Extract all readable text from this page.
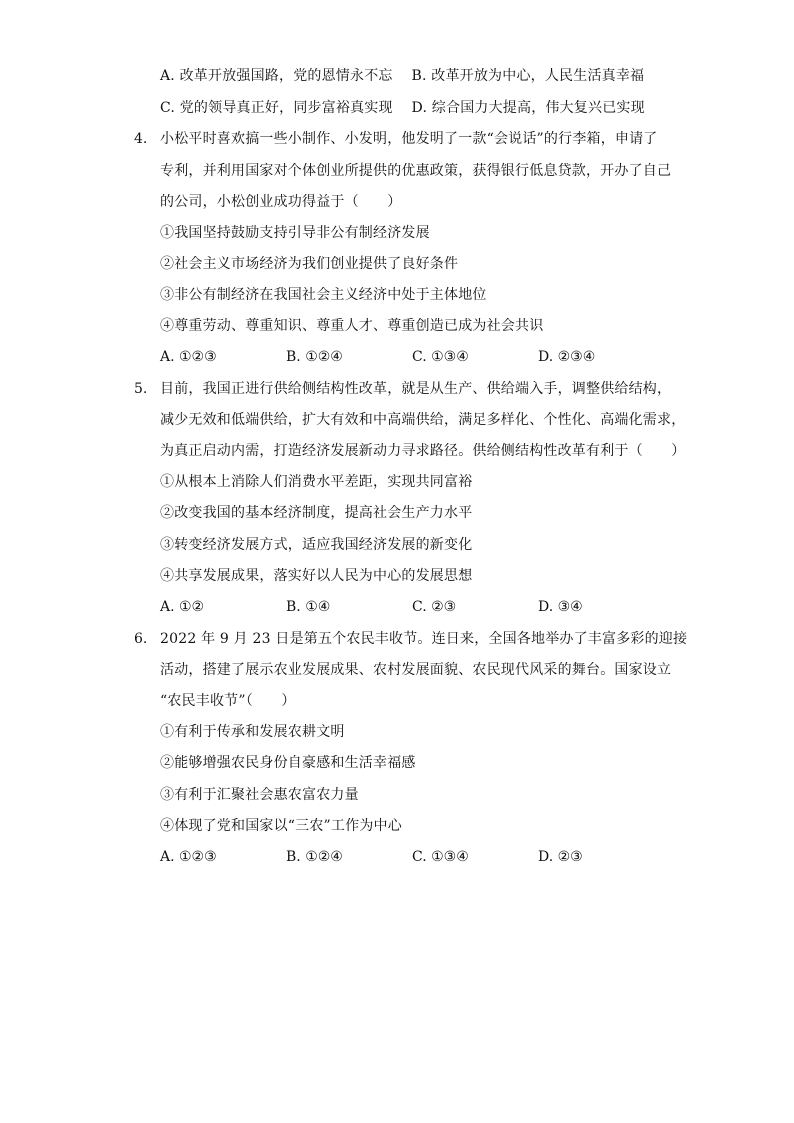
A. 改革开放强国路，党的恩情永不忘　 B. 改革开放为中心，人民生活真幸福
C. 党的领导真正好，同步富裕真实现　 D. 综合国力大提高，伟大复兴已实现
4. 小松平时喜欢搞一些小制作、小发明，他发明了一款“会说话”的行李箱，申请了
专利，并利用国家对个体创业所提供的优惠政策，获得银行低息贷款，开办了自己
的公司，小松创业成功得益于（　　）
①我国坚持鼓励支持引导非公有制经济发展
②社会主义市场经济为我们创业提供了良好条件
③非公有制经济在我国社会主义经济中处于主体地位
④尊重劳动、尊重知识、尊重人才、尊重创造已成为社会共识
A. ①②③	B. ①②④	C. ①③④	D. ②③④
5. 目前，我国正进行供给侧结构性改革，就是从生产、供给端入手，调整供给结构，
减少无效和低端供给，扩大有效和中高端供给，满足多样化、个性化、高端化需求，
为真正启动内需，打造经济发展新动力寻求路径。供给侧结构性改革有利于（　　）
①从根本上消除人们消费水平差距，实现共同富裕
②改变我国的基本经济制度，提高社会生产力水平
③转变经济发展方式，适应我国经济发展的新变化
④共享发展成果，落实好以人民为中心的发展思想
A. ①②	B. ①④	C. ②③	D. ③④
6. 2022 年 9 月 23 日是第五个农民丰收节。连日来，全国各地举办了丰富多彩的迎接
活动，搭建了展示农业发展成果、农村发展面貌、农民现代风采的舞台。国家设立
“农民丰收节”（　　）
①有利于传承和发展农耕文明
②能够增强农民身份自豪感和生活幸福感
③有利于汇聚社会惠农富农力量
④体现了党和国家以“三农”工作为中心
A. ①②③	B. ①②④	C. ①③④	D. ②③
